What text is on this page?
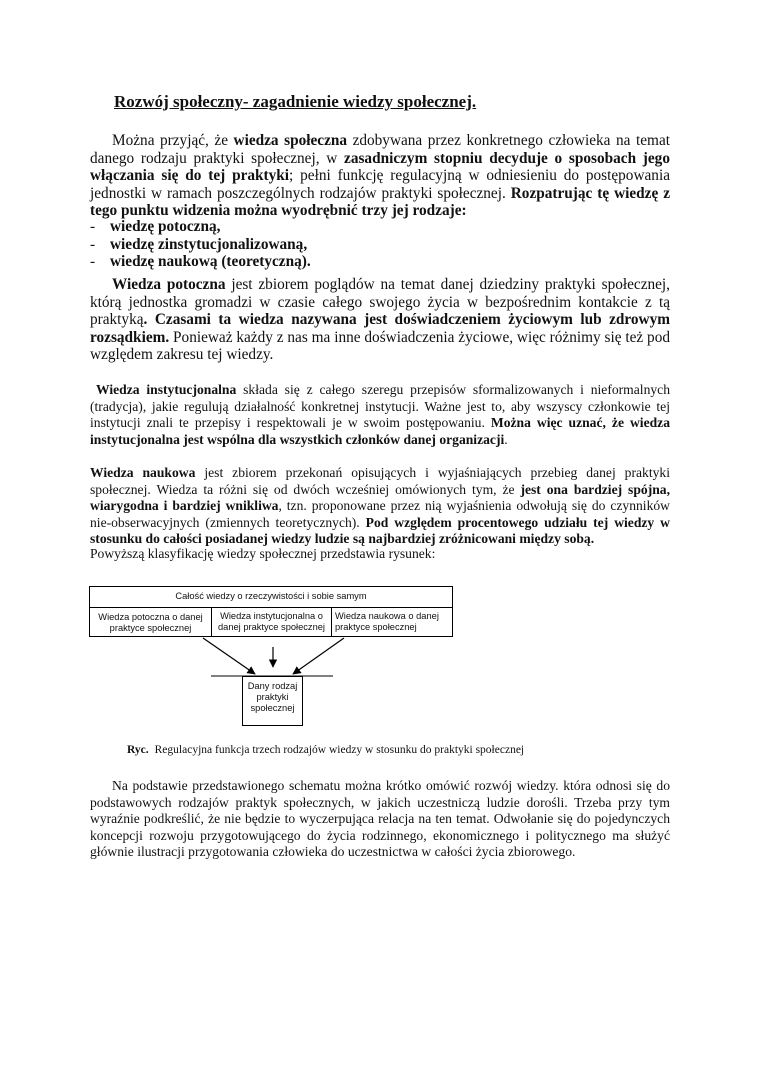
Rozwój społeczny- zagadnienie wiedzy społecznej.

Można przyjąć, że wiedza społeczna zdobywana przez konkretnego człowieka na temat danego rodzaju praktyki społecznej, w zasadniczym stopniu decyduje o sposobach jego włączania się do tej praktyki; pełni funkcję regulacyjną w odniesieniu do postępowania jednostki w ramach poszczególnych rodzajów praktyki społecznej. Rozpatrując tę wiedzę z tego punktu widzenia można wyodrębnić trzy jej rodzaje:

- wiedzę potoczną,
- wiedzę zinstytucjonalizowaną,
- wiedzę naukową (teoretyczną).

Wiedza potoczna jest zbiorem poglądów na temat danej dziedziny praktyki społecznej, którą jednostka gromadzi w czasie całego swojego życia w bezpośrednim kontakcie z tą praktyką. Czasami ta wiedza nazywana jest doświadczeniem życiowym lub zdrowym rozsądkiem. Ponieważ każdy z nas ma inne doświadczenia życiowe, więc różnimy się też pod względem zakresu tej wiedzy.

Wiedza instytucjonalna składa się z całego szeregu przepisów sformalizowanych i nieformalnych (tradycja), jakie regulują działalność konkretnej instytucji. Ważne jest to, aby wszyscy członkowie tej instytucji znali te przepisy i respektowali je w swoim postępowaniu. Można więc uznać, że wiedza instytucjonalna jest wspólna dla wszystkich członków danej organizacji.

Wiedza naukowa jest zbiorem przekonań opisujących i wyjaśniających przebieg danej praktyki społecznej. Wiedza ta różni się od dwóch wcześniej omówionych tym, że jest ona bardziej spójna, wiarygodna i bardziej wnikliwa, tzn. proponowane przez nią wyjaśnienia odwołują się do czynników nie-obserwacyjnych (zmiennych teoretycznych). Pod względem procentowego udziału tej wiedzy w stosunku do całości posiadanej wiedzy ludzie są najbardziej zróżnicowani między sobą.

Powyższą klasyfikację wiedzy społecznej przedstawia rysunek:

Całość wiedzy o rzeczywistości i sobie samym
Wiedza potoczna o danej praktyce społecznej
Wiedza instytucjonalna o danej praktyce społecznej
Wiedza naukowa o danej praktyce społecznej
Dany rodzaj praktyki społecznej

Ryc. Regulacyjna funkcja trzech rodzajów wiedzy w stosunku do praktyki społecznej

Na podstawie przedstawionego schematu można krótko omówić rozwój wiedzy. która odnosi się do podstawowych rodzajów praktyk społecznych, w jakich uczestniczą ludzie dorośli. Trzeba przy tym wyraźnie podkreślić, że nie będzie to wyczerpująca relacja na ten temat. Odwołanie się do pojedynczych koncepcji rozwoju przygotowującego do życia rodzinnego, ekonomicznego i politycznego ma służyć głównie ilustracji przygotowania człowieka do uczestnictwa w całości życia zbiorowego.
